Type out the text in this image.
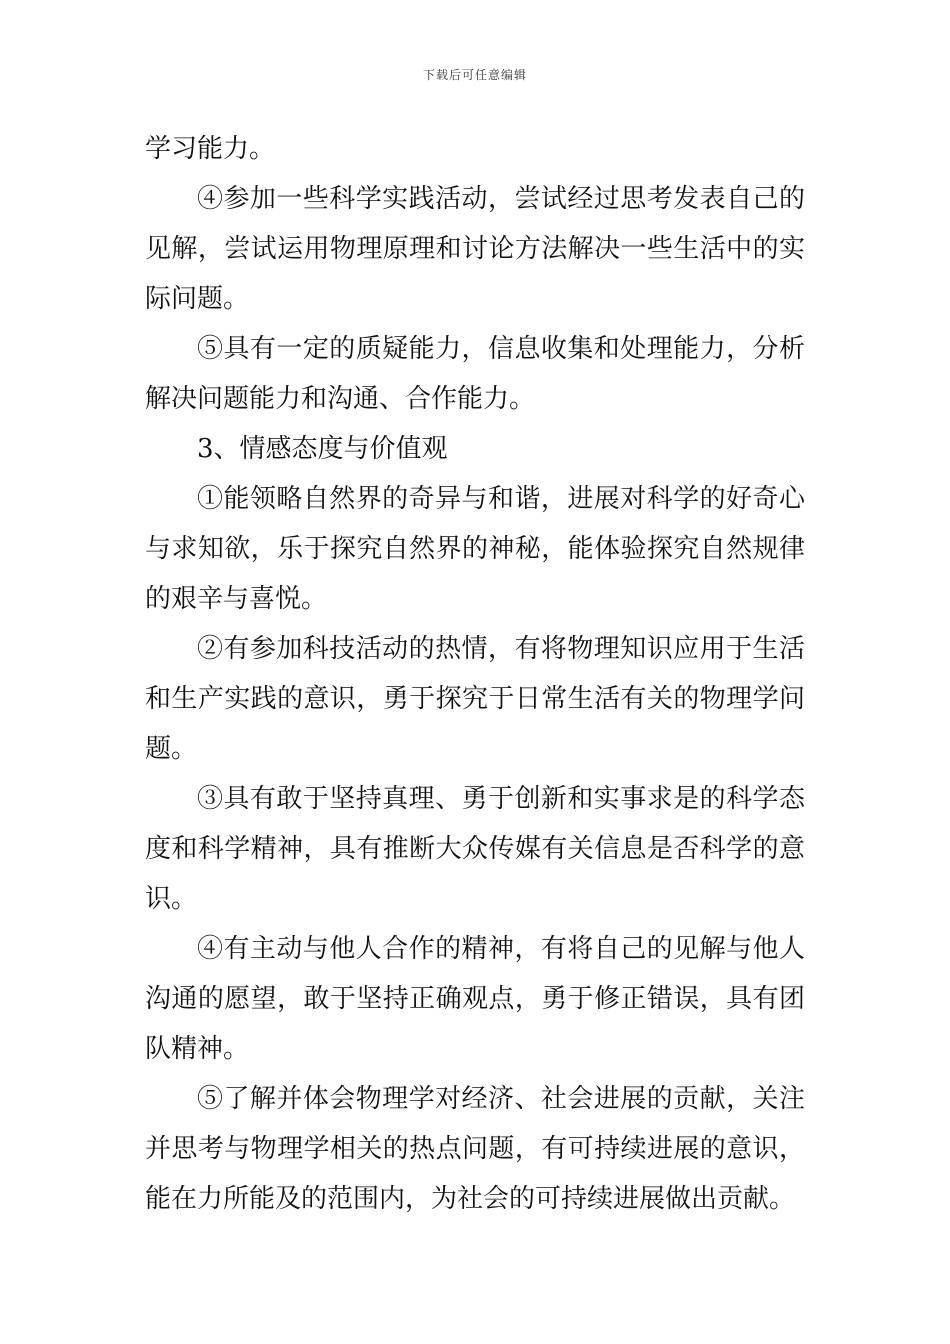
下载后可任意编辑

学习能力。

④参加一些科学实践活动，尝试经过思考发表自己的见解，尝试运用物理原理和讨论方法解决一些生活中的实际问题。

⑤具有一定的质疑能力，信息收集和处理能力，分析解决问题能力和沟通、合作能力。

3、情感态度与价值观

①能领略自然界的奇异与和谐，进展对科学的好奇心与求知欲，乐于探究自然界的神秘，能体验探究自然规律的艰辛与喜悦。

②有参加科技活动的热情，有将物理知识应用于生活和生产实践的意识，勇于探究于日常生活有关的物理学问题。

③具有敢于坚持真理、勇于创新和实事求是的科学态度和科学精神，具有推断大众传媒有关信息是否科学的意识。

④有主动与他人合作的精神，有将自己的见解与他人沟通的愿望，敢于坚持正确观点，勇于修正错误，具有团队精神。

⑤了解并体会物理学对经济、社会进展的贡献，关注并思考与物理学相关的热点问题，有可持续进展的意识，能在力所能及的范围内，为社会的可持续进展做出贡献。
